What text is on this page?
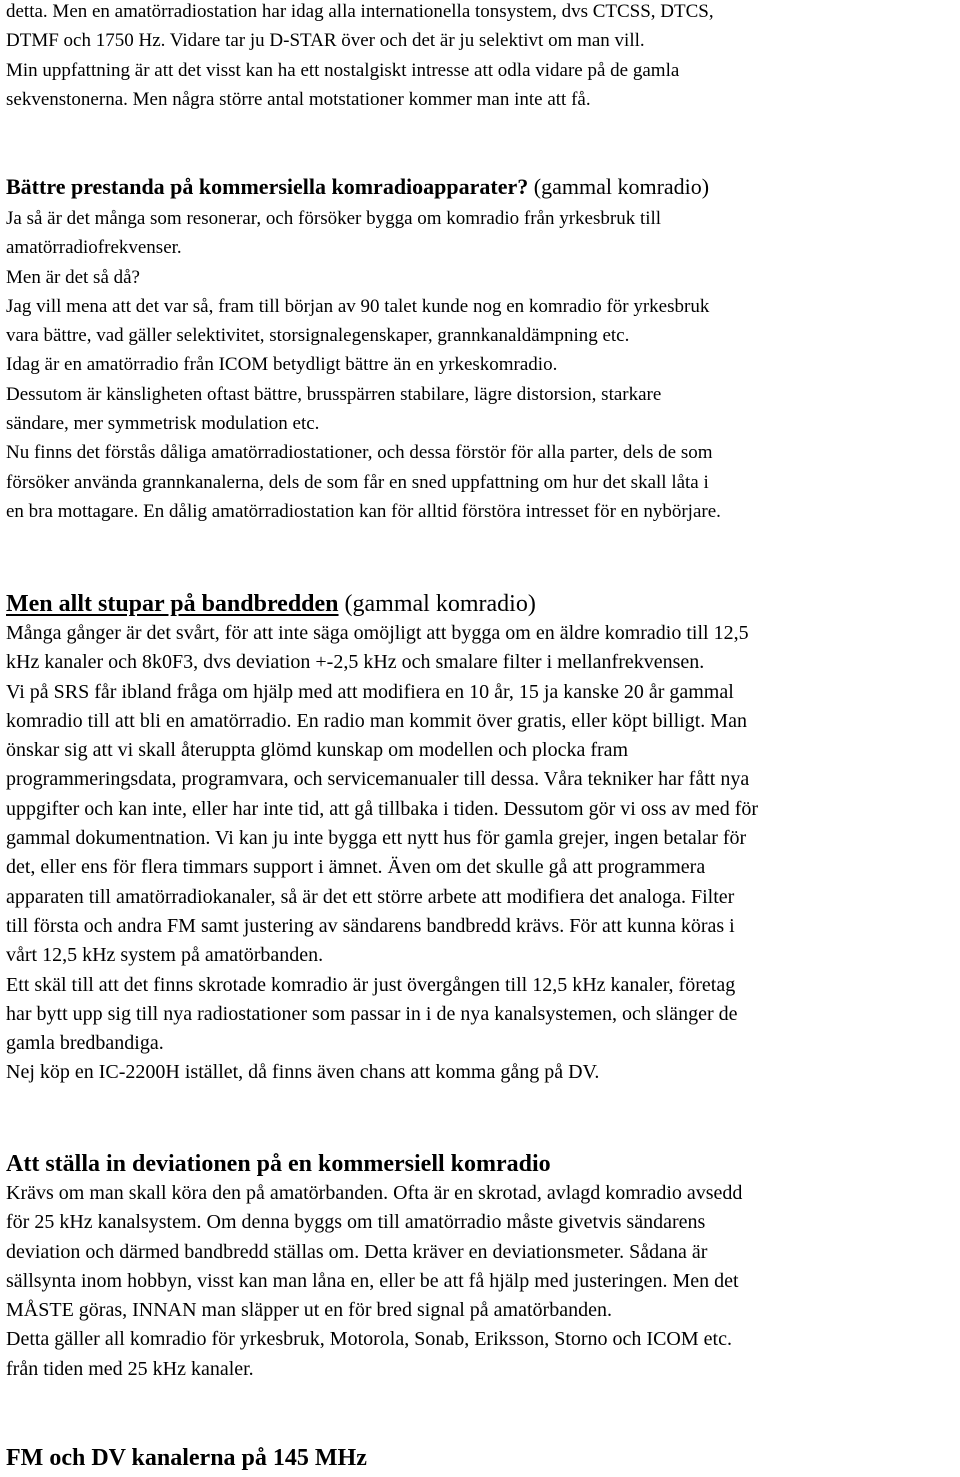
detta. Men en amatörradiostation har idag alla internationella tonsystem, dvs CTCSS, DTCS,

DTMF och 1750 Hz. Vidare tar ju D-STAR över och det är ju selektivt om man vill.

Min uppfattning är att det visst kan ha ett nostalgiskt intresse att odla vidare på de gamla

sekvenstonerna. Men några större antal motstationer kommer man inte att få.

Bättre prestanda på kommersiella komradioapparater? (gammal komradio)

Ja så är det många som resonerar, och försöker bygga om komradio från yrkesbruk till

amatörradiofrekvenser.

Men är det så då?

Jag vill mena att det var så, fram till början av 90 talet kunde nog en komradio för yrkesbruk

vara bättre, vad gäller selektivitet, storsignalegenskaper, grannkanaldämpning etc.

Idag är en amatörradio från ICOM betydligt bättre än en yrkeskomradio.

Dessutom är känsligheten oftast bättre, brusspärren stabilare, lägre distorsion, starkare

sändare, mer symmetrisk modulation etc.

Nu finns det förstås dåliga amatörradiostationer, och dessa förstör för alla parter, dels de som

försöker använda grannkanalerna, dels de som får en sned uppfattning om hur det skall låta i

en bra mottagare. En dålig amatörradiostation kan för alltid förstöra intresset för en nybörjare.

Men allt stupar på bandbredden (gammal komradio)

Många gånger är det svårt, för att inte säga omöjligt att bygga om en äldre komradio till 12,5

kHz kanaler och 8k0F3, dvs deviation +-2,5 kHz och smalare filter i mellanfrekvensen.

Vi på SRS får ibland fråga om hjälp med att modifiera en 10 år, 15 ja kanske 20 år gammal

komradio till att bli en amatörradio. En radio man kommit över gratis, eller köpt billigt. Man

önskar sig att vi skall återuppta glömd kunskap om modellen och plocka fram

programmeringsdata, programvara, och servicemanualer till dessa. Våra tekniker har fått nya

uppgifter och kan inte, eller har inte tid, att gå tillbaka i tiden. Dessutom gör vi oss av med för

gammal dokumentnation. Vi kan ju inte bygga ett nytt hus för gamla grejer, ingen betalar för

det, eller ens för flera timmars support i ämnet. Även om det skulle gå att programmera

apparaten till amatörradiokanaler, så är det ett större arbete att modifiera det analoga. Filter

till första och andra FM samt justering av sändarens bandbredd krävs. För att kunna köras i

vårt 12,5 kHz system på amatörbanden.

Ett skäl till att det finns skrotade komradio är just övergången till 12,5 kHz kanaler, företag

har bytt upp sig till nya radiostationer som passar in i de nya kanalsystemen, och slänger de

gamla bredbandiga.

Nej köp en IC-2200H istället, då finns även chans att komma gång på DV.

Att ställa in deviationen på en kommersiell komradio

Krävs om man skall köra den på amatörbanden. Ofta är en skrotad, avlagd komradio avsedd

för 25 kHz kanalsystem. Om denna byggs om till amatörradio måste givetvis sändarens

deviation och därmed bandbredd ställas om. Detta kräver en deviationsmeter. Sådana är

sällsynta inom hobbyn, visst kan man låna en, eller be att få hjälp med justeringen. Men det

MÅSTE göras, INNAN man släpper ut en för bred signal på amatörbanden.

Detta gäller all komradio för yrkesbruk, Motorola, Sonab, Eriksson, Storno och ICOM etc.

från tiden med 25 kHz kanaler.

FM och DV kanalerna på 145 MHz
